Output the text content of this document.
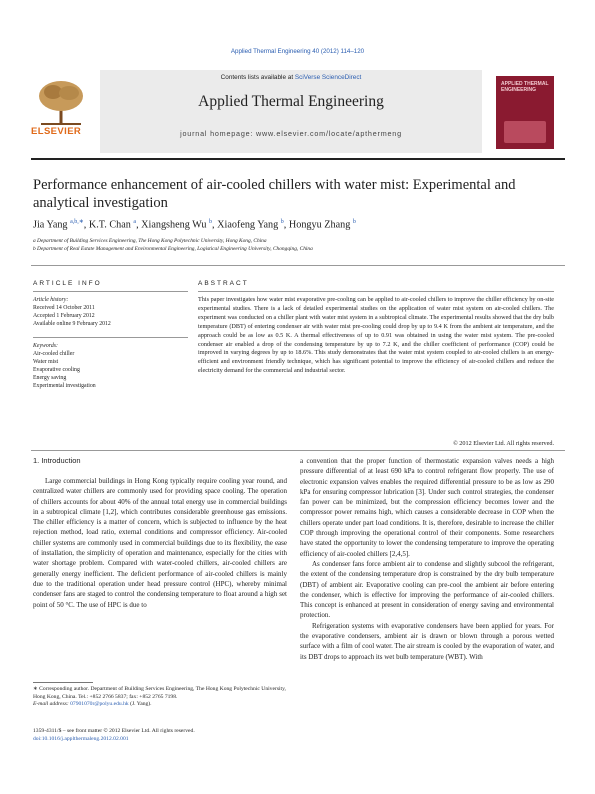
Applied Thermal Engineering 40 (2012) 114–120
Contents lists available at SciVerse ScienceDirect
Applied Thermal Engineering
journal homepage: www.elsevier.com/locate/apthermeng
ELSEVIER
APPLIED THERMAL ENGINEERING
Performance enhancement of air-cooled chillers with water mist: Experimental and analytical investigation
Jia Yang $^{a,b,∗}$, K.T. Chan $^a$, Xiangsheng Wu $^b$, Xiaofeng Yang $^b$, Hongyu Zhang $^b$
a Department of Building Services Engineering, The Hong Kong Polytechnic University, Hong Kong, China
b Department of Real Estate Management and Environmental Engineering, Logistical Engineering University, Chongqing, China
ARTICLE INFO	ABSTRACT
Article history:
Received 14 October 2011
Accepted 1 February 2012
Available online 9 February 2012
Keywords:
Air-cooled chiller
Water mist
Evaporative cooling
Energy saving
Experimental investigation
This paper investigates how water mist evaporative pre-cooling can be applied to air-cooled chillers to improve the chiller efficiency by on-site experimental studies. There is a lack of detailed experimental studies on the application of water mist system on air-cooled chillers. The experiment was conducted on a chiller plant with water mist system in a subtropical climate. The experimental results showed that the dry bulb temperature (DBT) of entering condenser air with water mist pre-cooling could drop by up to 9.4 K from the ambient air temperature, and the approach could be as low as 0.5 K. A thermal effectiveness of up to 0.91 was obtained in using the water mist system. The pre-cooled condenser air enabled a drop of the condensing temperature by up to 7.2 K, and the chiller coefficient of performance (COP) could be improved in varying degrees by up to 18.6%. This study demonstrates that the water mist system coupled to air-cooled chillers is an energy-efficient and environment friendly technique, which has significant potential to improve the efficiency of air-cooled chillers and reduce the electricity demand for the commercial and industrial sector.
© 2012 Elsevier Ltd. All rights reserved.
1. Introduction

Large commercial buildings in Hong Kong typically require cooling year round, and centralized water chillers are commonly used for providing space cooling. The operation of chillers accounts for about 40% of the annual total energy use in commercial buildings in a subtropical climate [1,2], which contributes considerable greenhouse gas emissions. The chiller efficiency is a matter of concern, which is subjected to influence by the heat rejection method, load ratio, external conditions and compressor efficiency. Air-cooled chiller systems are commonly used in commercial buildings due to its flexibility, the ease of installation, the simplicity of operation and maintenance, especially for the cities with water shortage problem. Compared with water-cooled chillers, air-cooled chillers are generally energy inefficient. The deficient performance of air-cooled chillers is mainly due to the traditional operation under head pressure control (HPC), whereby minimal condenser fans are staged to control the condensing temperature to float around a high set point of 50 °C. The use of HPC is due to

a convention that the proper function of thermostatic expansion valves needs a high pressure differential of at least 690 kPa to control refrigerant flow properly. The use of electronic expansion valves enables the required differential pressure to be as low as 290 kPa for ensuring compressor lubrication [3]. Under such control strategies, the condenser fan power can be minimized, but the compression efficiency becomes lower and the compressor power remains high, which causes a considerable decrease in COP when the chillers operate under part load conditions. It is, therefore, desirable to increase the chiller COP through improving the operational control of their components. Some researchers have stated the opportunity to lower the condensing temperature to improve the operating efficiency of air-cooled chillers [2,4,5].

As condenser fans force ambient air to condense and slightly subcool the refrigerant, the extent of the condensing temperature drop is constrained by the dry bulb temperature (DBT) of ambient air. Evaporative cooling can pre-cool the ambient air before entering the condenser, which is effective for improving the performance of air-cooled chillers. This concept is enhanced at present in consideration of energy saving and environmental protection.

Refrigeration systems with evaporative condensers have been applied for years. For the evaporative condensers, ambient air is drawn or blown through a porous wetted surface with a film of cool water. The air stream is cooled by the evaporation of water, and its DBT drops to approach its wet bulb temperature (WBT). With

∗ Corresponding author. Department of Building Services Engineering, The Hong Kong Polytechnic University, Hong Kong, China. Tel.: +852 2766 5837; fax: +852 2765 7198.
E-mail address: 07901070r@polyu.edu.hk (J. Yang).
1359-4311/$ – see front matter © 2012 Elsevier Ltd. All rights reserved.
doi:10.1016/j.applthermaleng.2012.02.001
